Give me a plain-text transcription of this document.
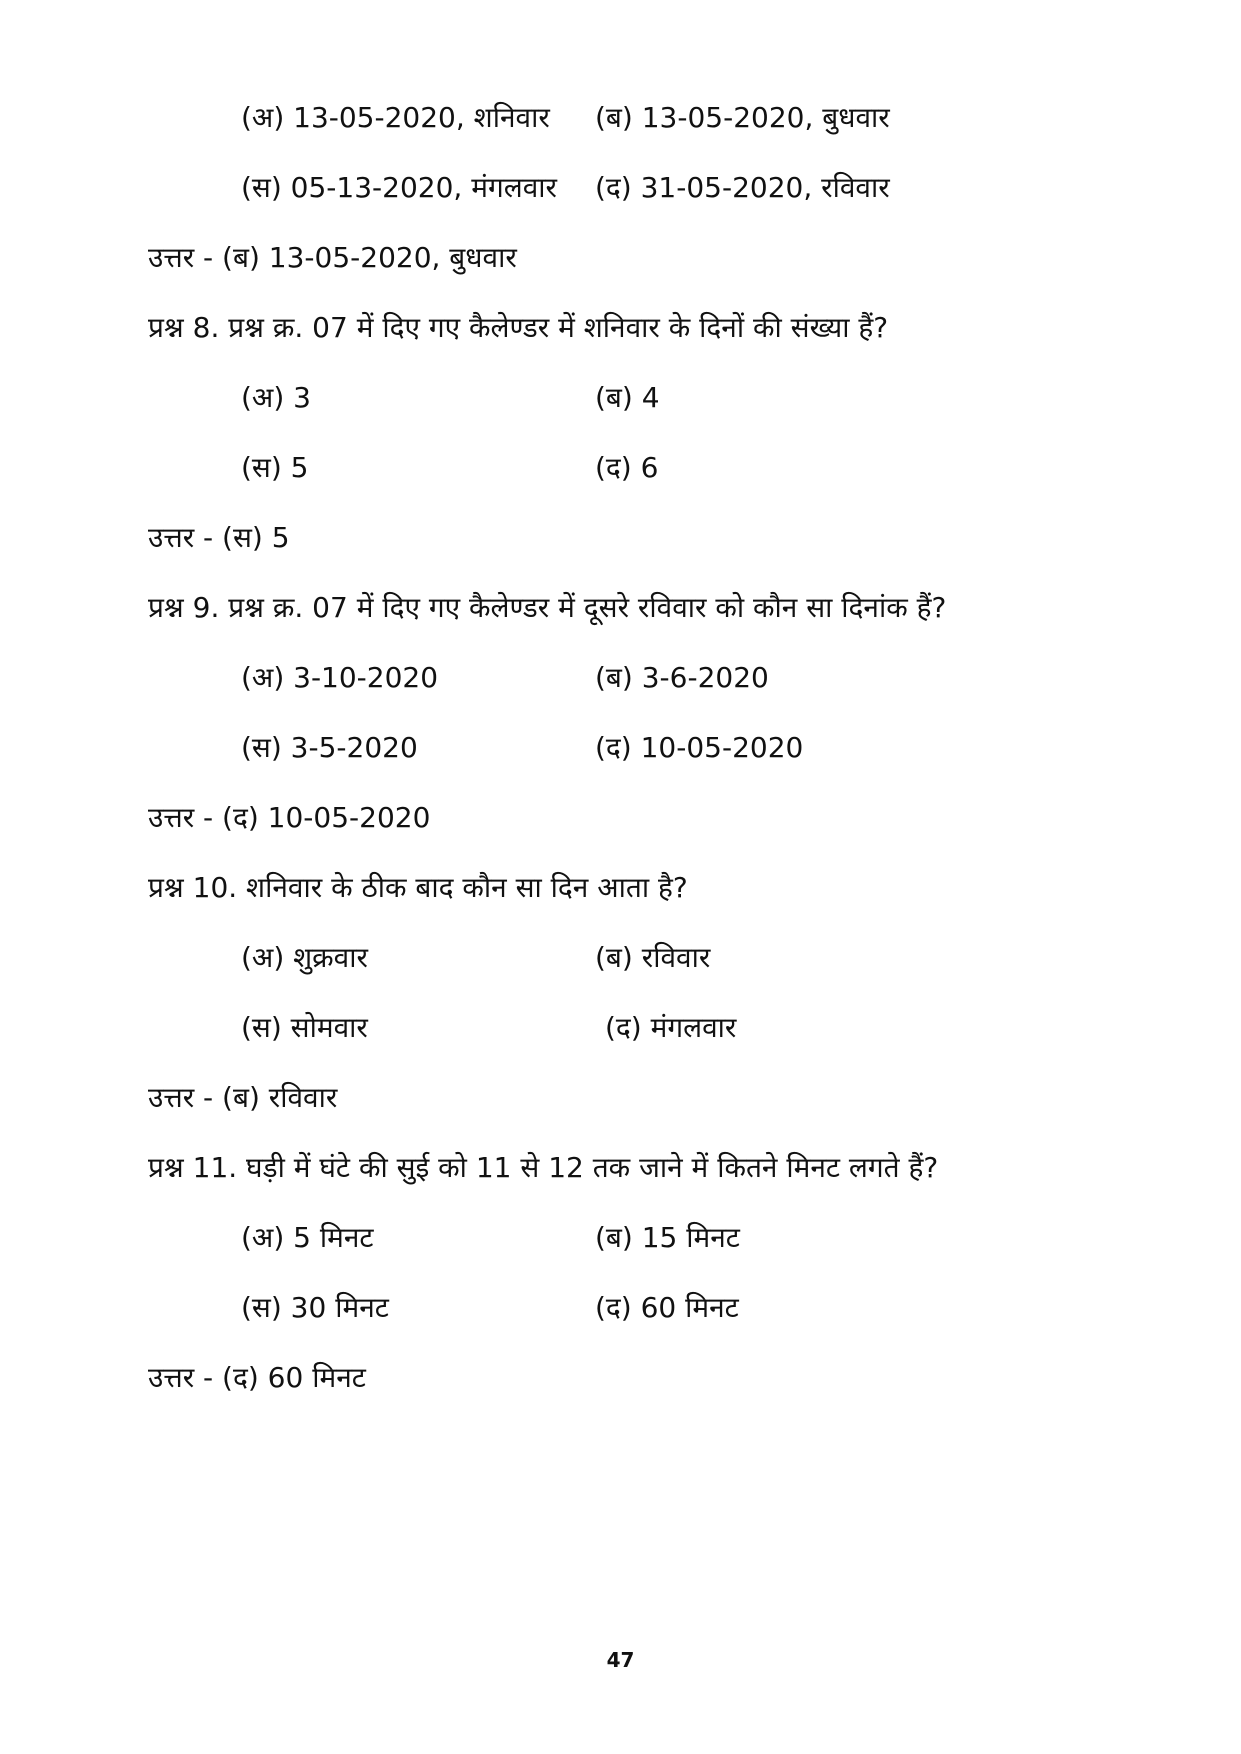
(अ) 13-05-2020, शनिवार (ब) 13-05-2020, बुधवार
(स) 05-13-2020, मंगलवार (द) 31-05-2020, रविवार
उत्तर - (ब) 13-05-2020, बुधवार
प्रश्न 8. प्रश्न क्र. 07 में दिए गए कैलेण्डर में शनिवार के दिनों की संख्या हैं?
(अ) 3	(ब) 4
(स) 5	(द) 6
उत्तर - (स) 5
प्रश्न 9. प्रश्न क्र. 07 में दिए गए कैलेण्डर में दूसरे रविवार को कौन सा दिनांक हैं?
(अ) 3-10-2020	(ब) 3-6-2020
(स) 3-5-2020	(द) 10-05-2020
उत्तर - (द) 10-05-2020
प्रश्न 10. शनिवार के ठीक बाद कौन सा दिन आता है?
(अ) शुक्रवार	(ब) रविवार
(स) सोमवार	(द) मंगलवार
उत्तर - (ब) रविवार
प्रश्न 11. घड़ी में घंटे की सुई को 11 से 12 तक जाने में कितने मिनट लगते हैं?
(अ) 5 मिनट	(ब) 15 मिनट
(स) 30 मिनट	(द) 60 मिनट
उत्तर - (द) 60 मिनट
47
